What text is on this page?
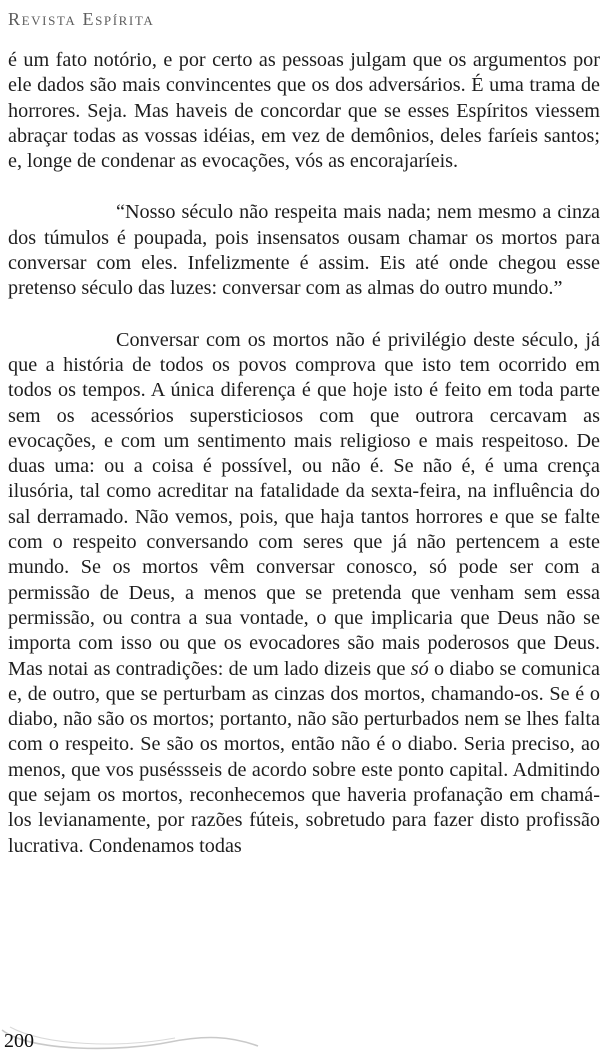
Revista Espírita

é um fato notório, e por certo as pessoas julgam que os argumentos por ele dados são mais convincentes que os dos adversários. É uma trama de horrores. Seja. Mas haveis de concordar que se esses Espíritos viessem abraçar todas as vossas idéias, em vez de demônios, deles faríeis santos; e, longe de condenar as evocações, vós as encorajaríeis.

“Nosso século não respeita mais nada; nem mesmo a cinza dos túmulos é poupada, pois insensatos ousam chamar os mortos para conversar com eles. Infelizmente é assim. Eis até onde chegou esse pretenso século das luzes: conversar com as almas do outro mundo.”

Conversar com os mortos não é privilégio deste século, já que a história de todos os povos comprova que isto tem ocorrido em todos os tempos. A única diferença é que hoje isto é feito em toda parte sem os acessórios supersticiosos com que outrora cercavam as evocações, e com um sentimento mais religioso e mais respeitoso. De duas uma: ou a coisa é possível, ou não é. Se não é, é uma crença ilusória, tal como acreditar na fatalidade da sexta-feira, na influência do sal derramado. Não vemos, pois, que haja tantos horrores e que se falte com o respeito conversando com seres que já não pertencem a este mundo. Se os mortos vêm conversar conosco, só pode ser com a permissão de Deus, a menos que se pretenda que venham sem essa permissão, ou contra a sua vontade, o que implicaria que Deus não se importa com isso ou que os evocadores são mais poderosos que Deus. Mas notai as contradições: de um lado dizeis que só o diabo se comunica e, de outro, que se perturbam as cinzas dos mortos, chamando-os. Se é o diabo, não são os mortos; portanto, não são perturbados nem se lhes falta com o respeito. Se são os mortos, então não é o diabo. Seria preciso, ao menos, que vos puséssseis de acordo sobre este ponto capital. Admitindo que sejam os mortos, reconhecemos que haveria profanação em chamá-los levianamente, por razões fúteis, sobretudo para fazer disto profissão lucrativa. Condenamos todas

200
